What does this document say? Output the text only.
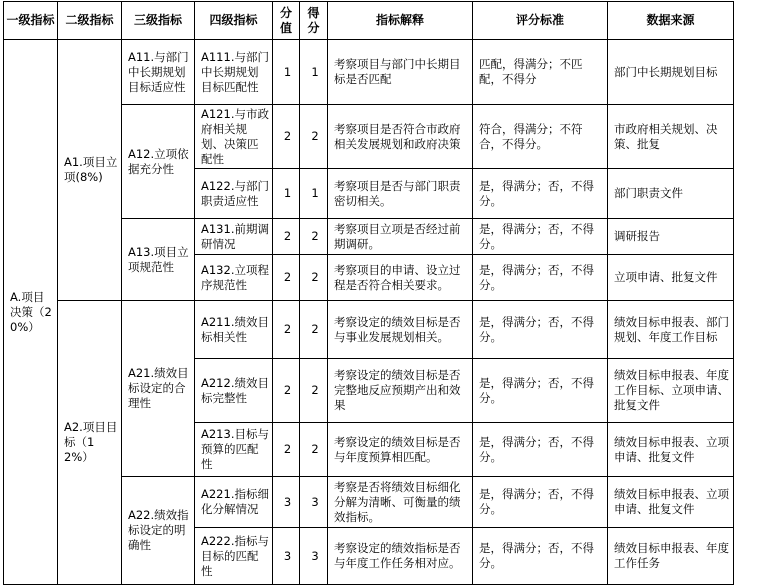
一级指标	二级指标	三级指标	四级指标	分值	得分	指标解释	评分标准	数据来源
A.项目决策（20%）	A1.项目立项(8%)	A11.与部门中长期规划目标适应性	A111.与部门中长期规划目标匹配性	1	1	考察项目与部门中长期目标是否匹配	匹配，得满分；不匹配，不得分	部门中长期规划目标
		A12.立项依据充分性	A121.与市政府相关规划、决策匹配性	2	2	考察项目是否符合市政府相关发展规划和政府决策	符合，得满分；不符合，不得分。	市政府相关规划、决策、批复
			A122.与部门职责适应性	1	1	考察项目是否与部门职责密切相关。	是，得满分；否，不得分。	部门职责文件
		A13.项目立项规范性	A131.前期调研情况	2	2	考察项目立项是否经过前期调研。	是，得满分；否，不得分。	调研报告
			A132.立项程序规范性	2	2	考察项目的申请、设立过程是否符合相关要求。	是，得满分；否，不得分。	立项申请、批复文件
	A2.项目目标（12%）	A21.绩效目标设定的合理性	A211.绩效目标相关性	2	2	考察设定的绩效目标是否与事业发展规划相关。	是，得满分；否，不得分。	绩效目标申报表、部门规划、年度工作目标
			A212.绩效目标完整性	2	2	考察设定的绩效目标是否完整地反应预期产出和效果	是，得满分；否，不得分。	绩效目标申报表、年度工作目标、立项申请、批复文件
			A213.目标与预算的匹配性	2	2	考察设定的绩效目标是否与年度预算相匹配。	是，得满分；否，不得分。	绩效目标申报表、立项申请、批复文件
		A22.绩效指标设定的明确性	A221.指标细化分解情况	3	3	考察是否将绩效目标细化分解为清晰、可衡量的绩效指标。	是，得满分；否，不得分。	绩效目标申报表、立项申请、批复文件
			A222.指标与目标的匹配性	3	3	考察设定的绩效指标是否与年度工作任务相对应。	是，得满分；否，不得分。	绩效目标申报表、年度工作任务
